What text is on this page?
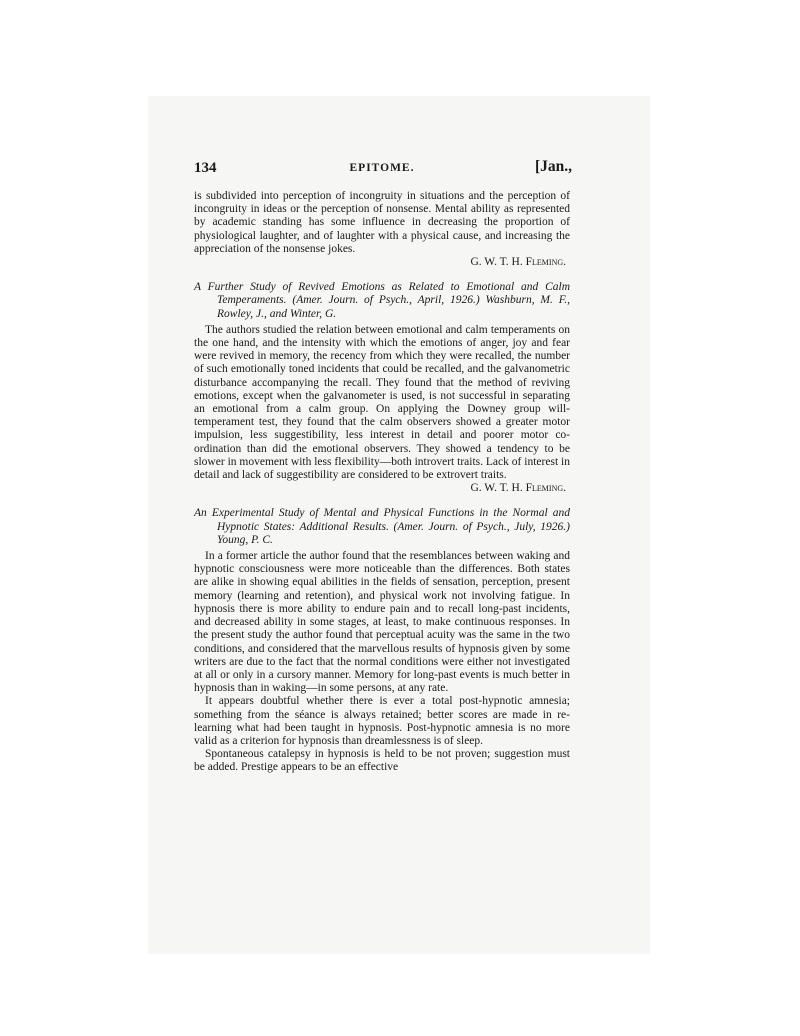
134	EPITOME.	[Jan.,

is subdivided into perception of incongruity in situations and the perception of incongruity in ideas or the perception of nonsense. Mental ability as represented by academic standing has some influence in decreasing the proportion of physiological laughter, and of laughter with a physical cause, and increasing the appreciation of the nonsense jokes.

G. W. T. H. Fleming.

A Further Study of Revived Emotions as Related to Emotional and Calm Temperaments. (Amer. Journ. of Psych., April, 1926.) Washburn, M. F., Rowley, J., and Winter, G.

The authors studied the relation between emotional and calm temperaments on the one hand, and the intensity with which the emotions of anger, joy and fear were revived in memory, the recency from which they were recalled, the number of such emotionally toned incidents that could be recalled, and the galvanometric disturbance accompanying the recall. They found that the method of reviving emotions, except when the galvanometer is used, is not successful in separating an emotional from a calm group. On applying the Downey group will-temperament test, they found that the calm observers showed a greater motor impulsion, less suggestibility, less interest in detail and poorer motor co-ordination than did the emotional observers. They showed a tendency to be slower in movement with less flexibility—both introvert traits. Lack of interest in detail and lack of suggestibility are considered to be extrovert traits.

G. W. T. H. Fleming.

An Experimental Study of Mental and Physical Functions in the Normal and Hypnotic States: Additional Results. (Amer. Journ. of Psych., July, 1926.) Young, P. C.

In a former article the author found that the resemblances between waking and hypnotic consciousness were more noticeable than the differences. Both states are alike in showing equal abilities in the fields of sensation, perception, present memory (learning and retention), and physical work not involving fatigue. In hypnosis there is more ability to endure pain and to recall long-past incidents, and decreased ability in some stages, at least, to make continuous responses. In the present study the author found that perceptual acuity was the same in the two conditions, and considered that the marvellous results of hypnosis given by some writers are due to the fact that the normal conditions were either not investigated at all or only in a cursory manner. Memory for long-past events is much better in hypnosis than in waking—in some persons, at any rate.

It appears doubtful whether there is ever a total post-hypnotic amnesia; something from the séance is always retained; better scores are made in re-learning what had been taught in hypnosis. Post-hypnotic amnesia is no more valid as a criterion for hypnosis than dreamlessness is of sleep.

Spontaneous catalepsy in hypnosis is held to be not proven; suggestion must be added. Prestige appears to be an effective
